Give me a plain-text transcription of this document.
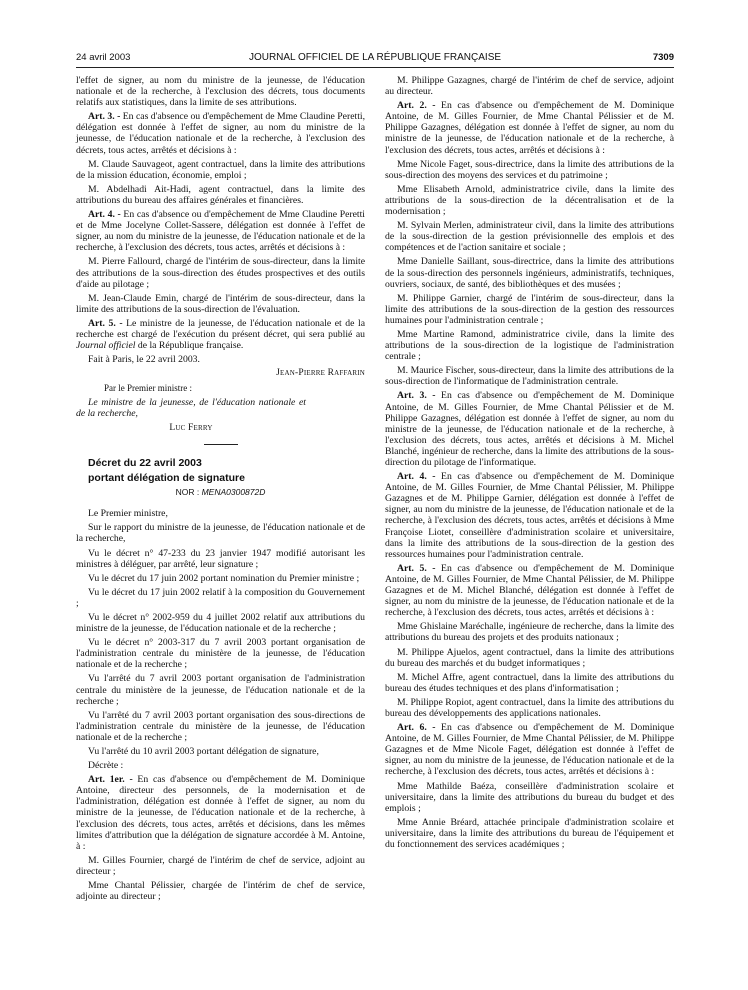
24 avril 2003	JOURNAL OFFICIEL DE LA RÉPUBLIQUE FRANÇAISE	7309

l'effet de signer, au nom du ministre de la jeunesse, de l'éducation nationale et de la recherche, à l'exclusion des décrets, tous documents relatifs aux statistiques, dans la limite de ses attributions.

Art. 3. - En cas d'absence ou d'empêchement de Mme Claudine Peretti, délégation est donnée à l'effet de signer, au nom du ministre de la jeunesse, de l'éducation nationale et de la recherche, à l'exclusion des décrets, tous actes, arrêtés et décisions à :

M. Claude Sauvageot, agent contractuel, dans la limite des attributions de la mission éducation, économie, emploi ;

M. Abdelhadi Ait-Hadi, agent contractuel, dans la limite des attributions du bureau des affaires générales et financières.

Art. 4. - En cas d'absence ou d'empêchement de Mme Claudine Peretti et de Mme Jocelyne Collet-Sassere, délégation est donnée à l'effet de signer, au nom du ministre de la jeunesse, de l'éducation nationale et de la recherche, à l'exclusion des décrets, tous actes, arrêtés et décisions à :

M. Pierre Fallourd, chargé de l'intérim de sous-directeur, dans la limite des attributions de la sous-direction des études prospectives et des outils d'aide au pilotage ;

M. Jean-Claude Emin, chargé de l'intérim de sous-directeur, dans la limite des attributions de la sous-direction de l'évaluation.

Art. 5. - Le ministre de la jeunesse, de l'éducation nationale et de la recherche est chargé de l'exécution du présent décret, qui sera publié au Journal officiel de la République française.

Fait à Paris, le 22 avril 2003.

Jean-Pierre Raffarin
Par le Premier ministre :

Le ministre de la jeunesse, de l'éducation nationale et de la recherche,

Luc Ferry

Décret du 22 avril 2003

portant délégation de signature

NOR : MENA0300872D

Le Premier ministre,

Sur le rapport du ministre de la jeunesse, de l'éducation nationale et de la recherche,

Vu le décret n° 47-233 du 23 janvier 1947 modifié autorisant les ministres à déléguer, par arrêté, leur signature ;

Vu le décret du 17 juin 2002 portant nomination du Premier ministre ;

Vu le décret du 17 juin 2002 relatif à la composition du Gouvernement ;

Vu le décret n° 2002-959 du 4 juillet 2002 relatif aux attributions du ministre de la jeunesse, de l'éducation nationale et de la recherche ;

Vu le décret n° 2003-317 du 7 avril 2003 portant organisation de l'administration centrale du ministère de la jeunesse, de l'éducation nationale et de la recherche ;

Vu l'arrêté du 7 avril 2003 portant organisation de l'administration centrale du ministère de la jeunesse, de l'éducation nationale et de la recherche ;

Vu l'arrêté du 7 avril 2003 portant organisation des sous-directions de l'administration centrale du ministère de la jeunesse, de l'éducation nationale et de la recherche ;

Vu l'arrêté du 10 avril 2003 portant délégation de signature,

Décrète :

Art. 1er. - En cas d'absence ou d'empêchement de M. Dominique Antoine, directeur des personnels, de la modernisation et de l'administration, délégation est donnée à l'effet de signer, au nom du ministre de la jeunesse, de l'éducation nationale et de la recherche, à l'exclusion des décrets, tous actes, arrêtés et décisions, dans les mêmes limites d'attribution que la délégation de signature accordée à M. Antoine, à :

M. Gilles Fournier, chargé de l'intérim de chef de service, adjoint au directeur ;

Mme Chantal Pélissier, chargée de l'intérim de chef de service, adjointe au directeur ;

M. Philippe Gazagnes, chargé de l'intérim de chef de service, adjoint au directeur.

Art. 2. - En cas d'absence ou d'empêchement de M. Dominique Antoine, de M. Gilles Fournier, de Mme Chantal Pélissier et de M. Philippe Gazagnes, délégation est donnée à l'effet de signer, au nom du ministre de la jeunesse, de l'éducation nationale et de la recherche, à l'exclusion des décrets, tous actes, arrêtés et décisions à :

Mme Nicole Faget, sous-directrice, dans la limite des attributions de la sous-direction des moyens des services et du patrimoine ;

Mme Elisabeth Arnold, administratrice civile, dans la limite des attributions de la sous-direction de la décentralisation et de la modernisation ;

M. Sylvain Merlen, administrateur civil, dans la limite des attributions de la sous-direction de la gestion prévisionnelle des emplois et des compétences et de l'action sanitaire et sociale ;

Mme Danielle Saillant, sous-directrice, dans la limite des attributions de la sous-direction des personnels ingénieurs, administratifs, techniques, ouvriers, sociaux, de santé, des bibliothèques et des musées ;

M. Philippe Garnier, chargé de l'intérim de sous-directeur, dans la limite des attributions de la sous-direction de la gestion des ressources humaines pour l'administration centrale ;

Mme Martine Ramond, administratrice civile, dans la limite des attributions de la sous-direction de la logistique de l'administration centrale ;

M. Maurice Fischer, sous-directeur, dans la limite des attributions de la sous-direction de l'informatique de l'administration centrale.

Art. 3. - En cas d'absence ou d'empêchement de M. Dominique Antoine, de M. Gilles Fournier, de Mme Chantal Pélissier et de M. Philippe Gazagnes, délégation est donnée à l'effet de signer, au nom du ministre de la jeunesse, de l'éducation nationale et de la recherche, à l'exclusion des décrets, tous actes, arrêtés et décisions à M. Michel Blanché, ingénieur de recherche, dans la limite des attributions de la sous-direction du pilotage de l'informatique.

Art. 4. - En cas d'absence ou d'empêchement de M. Dominique Antoine, de M. Gilles Fournier, de Mme Chantal Pélissier, M. Philippe Gazagnes et de M. Philippe Garnier, délégation est donnée à l'effet de signer, au nom du ministre de la jeunesse, de l'éducation nationale et de la recherche, à l'exclusion des décrets, tous actes, arrêtés et décisions à Mme Françoise Liotet, conseillère d'administration scolaire et universitaire, dans la limite des attributions de la sous-direction de la gestion des ressources humaines pour l'administration centrale.

Art. 5. - En cas d'absence ou d'empêchement de M. Dominique Antoine, de M. Gilles Fournier, de Mme Chantal Pélissier, de M. Philippe Gazagnes et de M. Michel Blanché, délégation est donnée à l'effet de signer, au nom du ministre de la jeunesse, de l'éducation nationale et de la recherche, à l'exclusion des décrets, tous actes, arrêtés et décisions à :

Mme Ghislaine Maréchalle, ingénieure de recherche, dans la limite des attributions du bureau des projets et des produits nationaux ;

M. Philippe Ajuelos, agent contractuel, dans la limite des attributions du bureau des marchés et du budget informatiques ;

M. Michel Affre, agent contractuel, dans la limite des attributions du bureau des études techniques et des plans d'informatisation ;

M. Philippe Ropiot, agent contractuel, dans la limite des attributions du bureau des développements des applications nationales.

Art. 6. - En cas d'absence ou d'empêchement de M. Dominique Antoine, de M. Gilles Fournier, de Mme Chantal Pélissier, de M. Philippe Gazagnes et de Mme Nicole Faget, délégation est donnée à l'effet de signer, au nom du ministre de la jeunesse, de l'éducation nationale et de la recherche, à l'exclusion des décrets, tous actes, arrêtés et décisions à :

Mme Mathilde Baéza, conseillère d'administration scolaire et universitaire, dans la limite des attributions du bureau du budget et des emplois ;

Mme Annie Bréard, attachée principale d'administration scolaire et universitaire, dans la limite des attributions du bureau de l'équipement et du fonctionnement des services académiques ;
